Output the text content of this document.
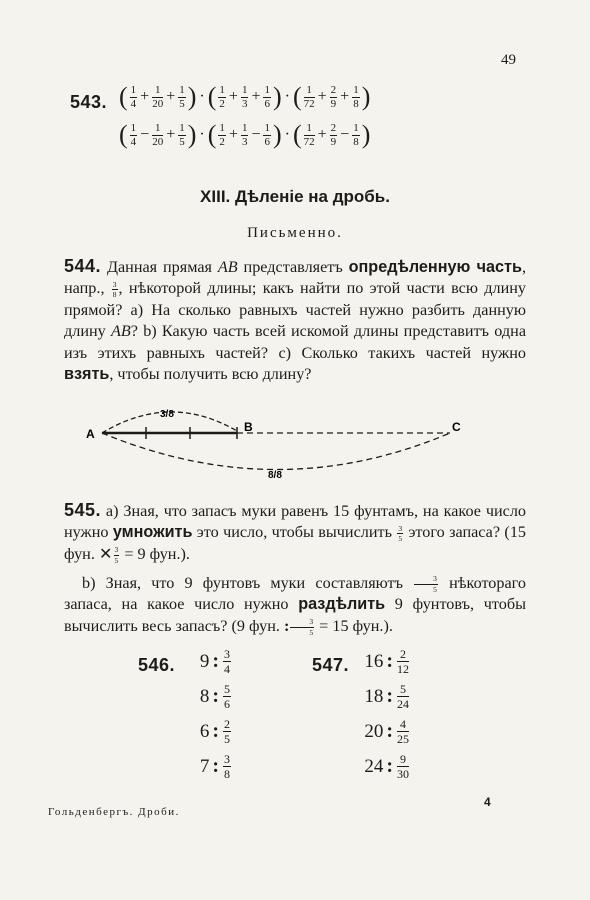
49
543. ( 1
$4 + \frac{1}{20} + \frac{1}{5}$ ) · ( 1
$2 + \frac{1}{3} + \frac{1}{6}$ ) · ( 1
$72 + \frac{2}{9} + \frac{1}{8}$ )
( 1
$4 - \frac{1}{20} + \frac{1}{5}$ ) · ( 1
$2 + \frac{1}{3} - \frac{1}{6}$ ) · ( 1
$72 + \frac{2}{9} - \frac{1}{8}$ )
XIII. Дѣленіе на дробь.
Письменно.
544. Данная прямая AB представляетъ опредѣленную часть, напр., $\frac{3}{8}$ , нѣкоторой длины; какъ найти по этой части всю длину прямой? a) На сколько равныхъ частей нужно разбить данную длину AB? b) Какую часть всей искомой длины представитъ одна изъ этихъ равныхъ частей? c) Сколько такихъ частей нужно взять, чтобы получить всю длину?
A	B	C
3/8
8/8
545. a) Зная, что запасъ муки равенъ 15 фунтамъ, на какое число нужно умножить это число, чтобы вычислить $\frac{3}{5}$ этого запаса? (15 фун. ✕ $\frac{3}{5} = 9$ фун.).
b) Зная, что 9 фунтовъ муки составляютъ $\frac{3}{5}$ нѣкотораго запаса, на какое число нужно раздѣлить 9 фунтовъ, чтобы вычислить весь запасъ? (9 фун. : $\frac{3}{5} = 15$ фун.).
546.	547.
9 : 3
4
8 : 5
6
6 : 2
5
7 : 3
8
16 : 2
12
18 : 5
24
20 : 4
25
24 : 9
30
Гольденбергъ. Дроби.
4
